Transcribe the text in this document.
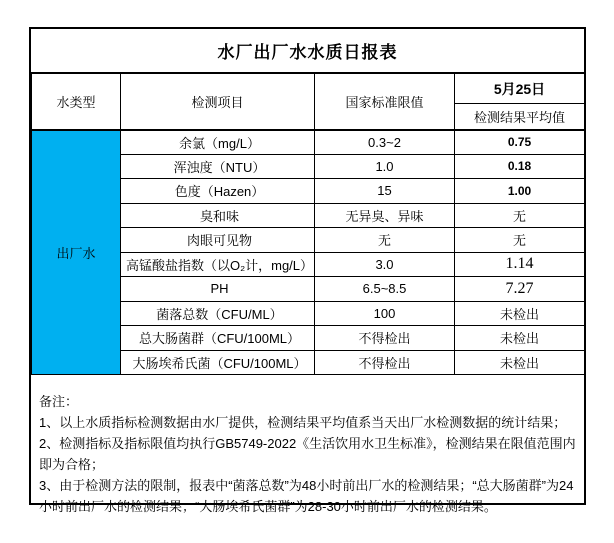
水厂出厂水水质日报表
水类型	检测项目	国家标准限值	5月25日
			检测结果平均值
出厂水	余氯（mg/L）	0.3~2	0.75
	浑浊度（NTU）	1.0	0.18
	色度（Hazen）	15	1.00
	臭和味	无异臭、异味	无
	肉眼可见物	无	无
	高锰酸盐指数（以O₂计，mg/L）	3.0	1.14
	PH	6.5~8.5	7.27
	菌落总数（CFU/ML）	100	未检出
	总大肠菌群（CFU/100ML）	不得检出	未检出
	大肠埃希氏菌（CFU/100ML）	不得检出	未检出

备注：

1、以上水质指标检测数据由水厂提供，检测结果平均值系当天出厂水检测数据的统计结果；

2、检测指标及指标限值均执行GB5749-2022《生活饮用水卫生标准》，检测结果在限值范围内即为合格；

3、由于检测方法的限制，报表中“菌落总数”为48小时前出厂水的检测结果；“总大肠菌群”为24小时前出厂水的检测结果；“大肠埃希氏菌群”为28-30小时前出厂水的检测结果。
